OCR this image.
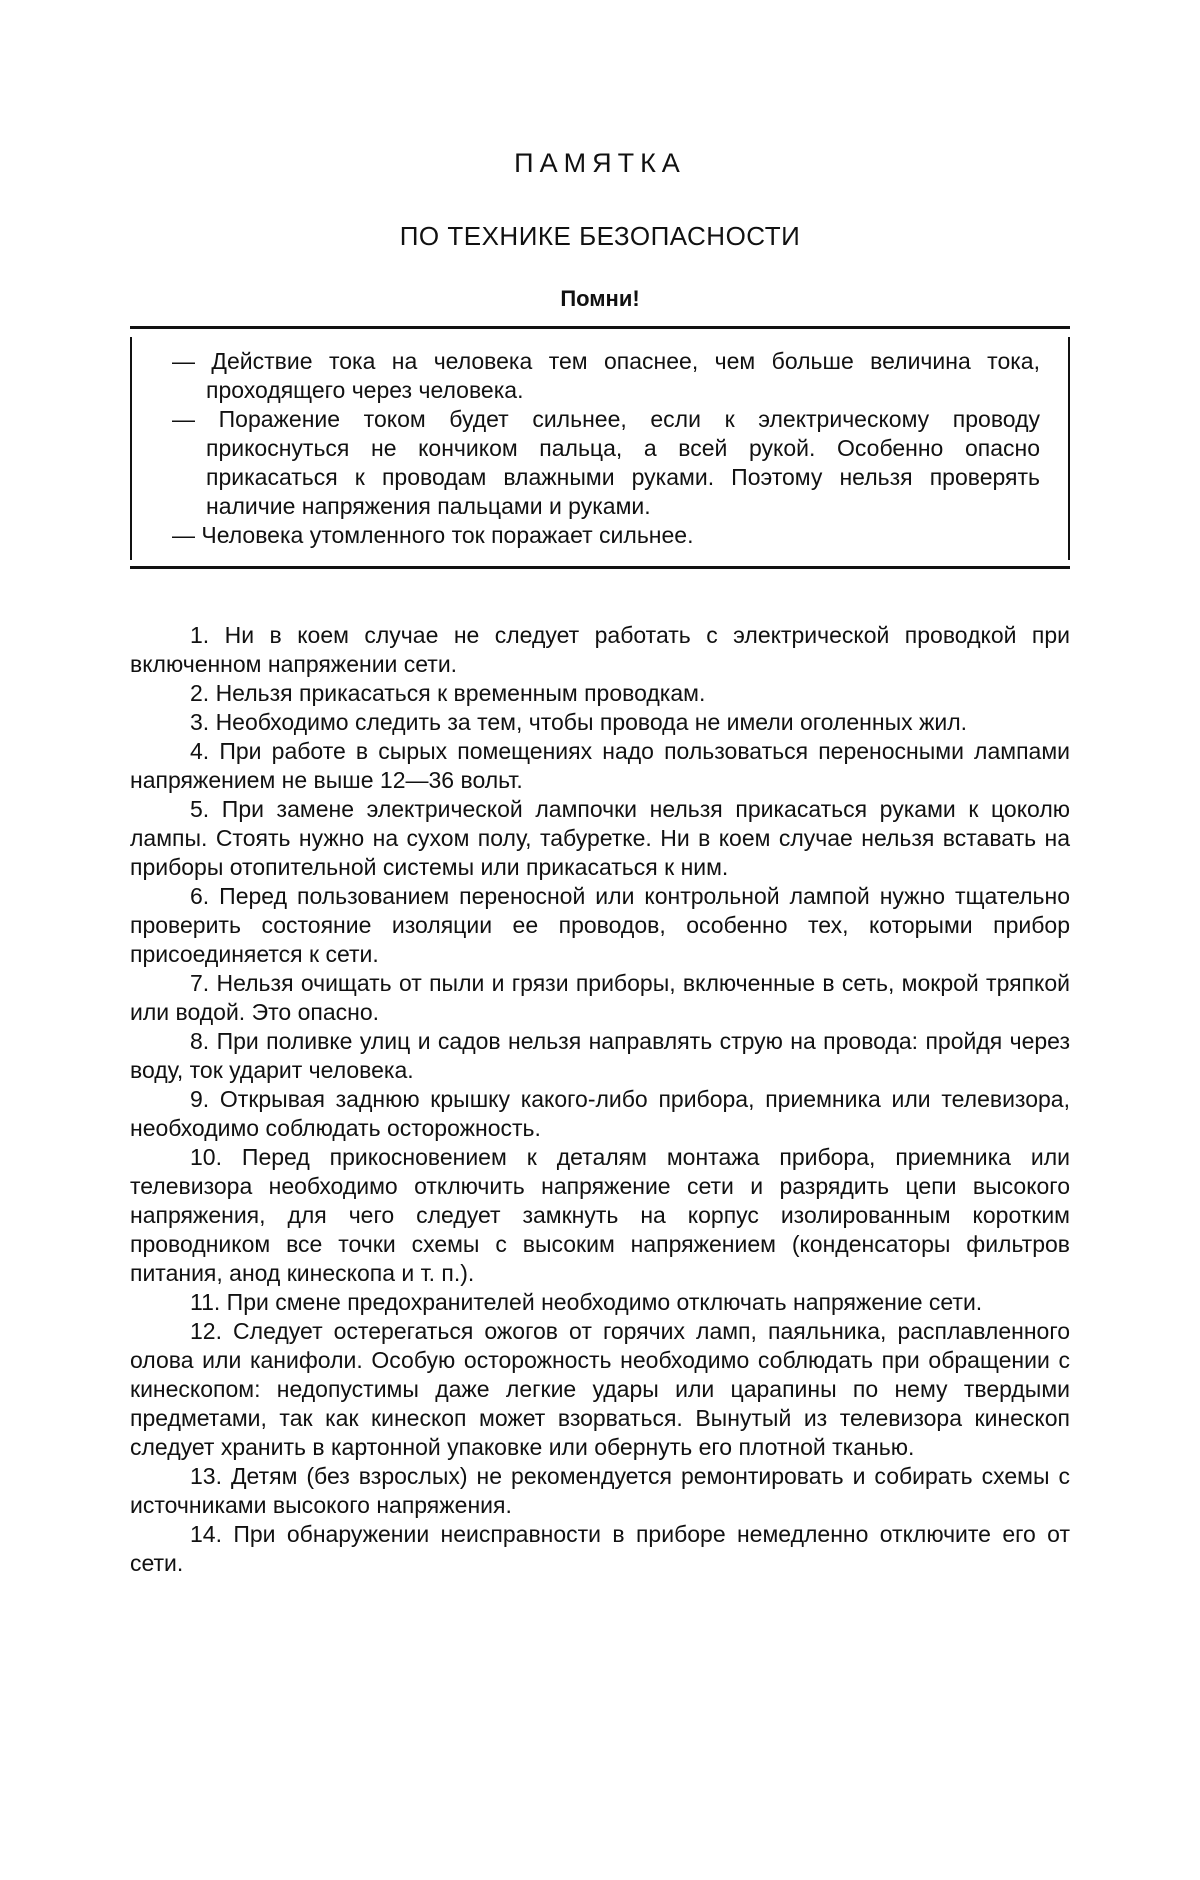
ПАМЯТКА
ПО ТЕХНИКЕ БЕЗОПАСНОСТИ
Помни!

— Действие тока на человека тем опаснее, чем больше величина тока, проходящего через человека.

— Поражение током будет сильнее, если к электрическому проводу прикоснуться не кончиком пальца, а всей рукой. Особенно опасно прикасаться к проводам влажными руками. Поэтому нельзя проверять наличие напряжения пальцами и руками.

— Человека утомленного ток поражает сильнее.

1. Ни в коем случае не следует работать с электрической проводкой при включенном напряжении сети.

2. Нельзя прикасаться к временным проводкам.

3. Необходимо следить за тем, чтобы провода не имели оголенных жил.

4. При работе в сырых помещениях надо пользоваться переносными лампами напряжением не выше 12—36 вольт.

5. При замене электрической лампочки нельзя прикасаться руками к цоколю лампы. Стоять нужно на сухом полу, табуретке. Ни в коем случае нельзя вставать на приборы отопительной системы или прикасаться к ним.

6. Перед пользованием переносной или контрольной лампой нужно тщательно проверить состояние изоляции ее проводов, особенно тех, которыми прибор присоединяется к сети.

7. Нельзя очищать от пыли и грязи приборы, включенные в сеть, мокрой тряпкой или водой. Это опасно.

8. При поливке улиц и садов нельзя направлять струю на провода: пройдя через воду, ток ударит человека.

9. Открывая заднюю крышку какого-либо прибора, приемника или телевизора, необходимо соблюдать осторожность.

10. Перед прикосновением к деталям монтажа прибора, приемника или телевизора необходимо отключить напряжение сети и разрядить цепи высокого напряжения, для чего следует замкнуть на корпус изолированным коротким проводником все точки схемы с высоким напряжением (конденсаторы фильтров питания, анод кинескопа и т. п.).

11. При смене предохранителей необходимо отключать напряжение сети.

12. Следует остерегаться ожогов от горячих ламп, паяльника, расплавленного олова или канифоли. Особую осторожность необходимо соблюдать при обращении с кинескопом: недопустимы даже легкие удары или царапины по нему твердыми предметами, так как кинескоп может взорваться. Вынутый из телевизора кинескоп следует хранить в картонной упаковке или обернуть его плотной тканью.

13. Детям (без взрослых) не рекомендуется ремонтировать и собирать схемы с источниками высокого напряжения.

14. При обнаружении неисправности в приборе немедленно отключите его от сети.
